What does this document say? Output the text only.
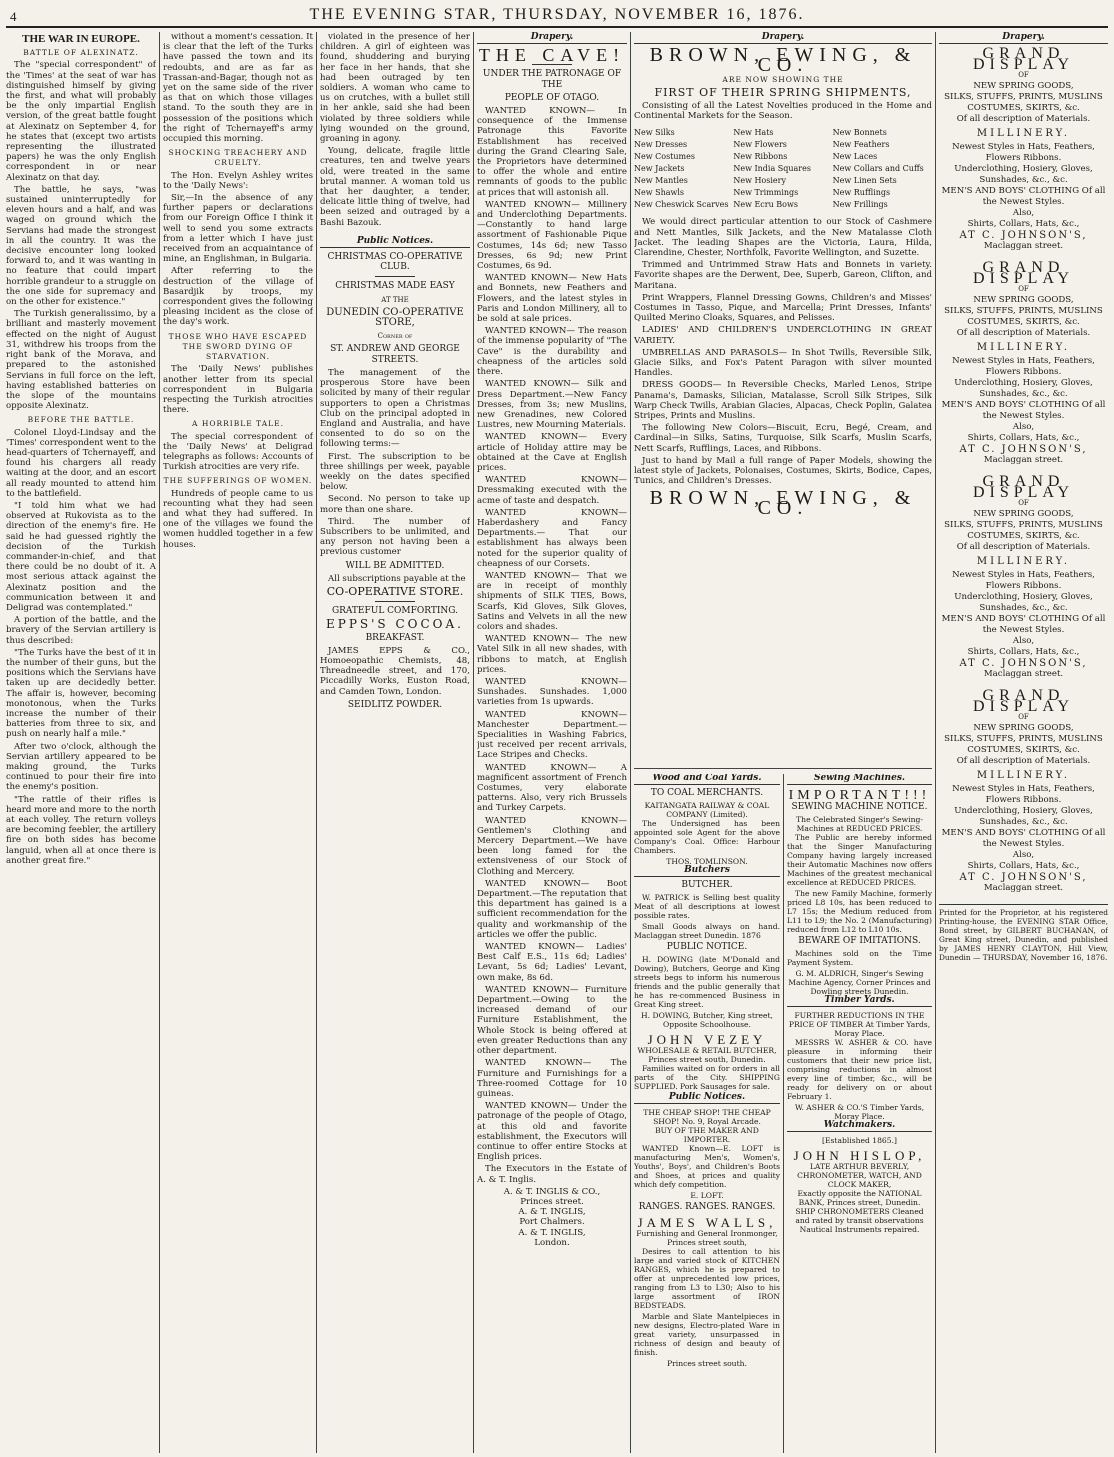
4	THE EVENING STAR, THURSDAY, NOVEMBER 16, 1876.
THE WAR IN EUROPE.
BATTLE OF ALEXINATZ.

The "special correspondent" of the 'Times' at the seat of war has distinguished himself by giving the first, and what will probably be the only impartial English version, of the great battle fought at Alexinatz on September 4, for he states that (except two artists representing the illustrated papers) he was the only English correspondent in or near Alexinatz on that day.

The battle, he says, "was sustained uninterruptedly for eleven hours and a half, and was waged on ground which the Servians had made the strongest in all the country. It was the decisive encounter long looked forward to, and it was wanting in no feature that could impart horrible grandeur to a struggle on the one side for supremacy and on the other for existence."

The Turkish generalissimo, by a brilliant and masterly movement effected on the night of August 31, withdrew his troops from the right bank of the Morava, and prepared to the astonished Servians in full force on the left, having established batteries on the slope of the mountains opposite Alexinatz.

BEFORE THE BATTLE.

Colonel Lloyd-Lindsay and the 'Times' correspondent went to the head-quarters of Tchernayeff, and found his chargers all ready waiting at the door, and an escort all ready mounted to attend him to the battlefield.

"I told him what we had observed at Rukovista as to the direction of the enemy's fire. He said he had guessed rightly the decision of the Turkish commander-in-chief, and that there could be no doubt of it. A most serious attack against the Alexinatz position and the communication between it and Deligrad was contemplated."

A portion of the battle, and the bravery of the Servian artillery is thus described:

"The Turks have the best of it in the number of their guns, but the positions which the Servians have taken up are decidedly better. The affair is, however, becoming monotonous, when the Turks increase the number of their batteries from three to six, and push on nearly half a mile."

After two o'clock, although the Servian artillery appeared to be making ground, the Turks continued to pour their fire into the enemy's position.

"The rattle of their rifles is heard more and more to the north at each volley. The return volleys are becoming feebler, the artillery fire on both sides has become languid, when all at once there is another great fire."

without a moment's cessation. It is clear that the left of the Turks have passed the town and its redoubts, and are as far as Trassan-and-Bagar, though not as yet on the same side of the river as that on which those villages stand. To the south they are in possession of the positions which the right of Tchernayeff's army occupied this morning.

SHOCKING TREACHERY AND CRUELTY.

The Hon. Evelyn Ashley writes to the 'Daily News':

Sir,—In the absence of any further papers or declarations from our Foreign Office I think it well to send you some extracts from a letter which I have just received from an acquaintance of mine, an Englishman, in Bulgaria.

After referring to the destruction of the village of Basardjik by troops, my correspondent gives the following pleasing incident as the close of the day's work.

THOSE WHO HAVE ESCAPED THE SWORD DYING OF STARVATION.

The 'Daily News' publishes another letter from its special correspondent in Bulgaria respecting the Turkish atrocities there.

A HORRIBLE TALE.

The special correspondent of the 'Daily News' at Deligrad telegraphs as follows: Accounts of Turkish atrocities are very rife.

THE SUFFERINGS OF WOMEN.

Hundreds of people came to us recounting what they had seen and what they had suffered. In one of the villages we found the women huddled together in a few houses.

violated in the presence of her children. A girl of eighteen was found, shuddering and burying her face in her hands, that she had been outraged by ten soldiers. A woman who came to us on crutches, with a bullet still in her ankle, said she had been violated by three soldiers while lying wounded on the ground, groaning in agony.

Young, delicate, fragile little creatures, ten and twelve years old, were treated in the same brutal manner. A woman told us that her daughter, a tender, delicate little thing of twelve, had been seized and outraged by a Bashi Bazouk.

Public Notices.
CHRISTMAS CO-OPERATIVE CLUB.
CHRISTMAS MADE EASY
AT THE
DUNEDIN CO-OPERATIVE STORE,
Corner of
ST. ANDREW AND GEORGE STREETS.

The management of the prosperous Store have been solicited by many of their regular supporters to open a Christmas Club on the principal adopted in England and Australia, and have consented to do so on the following terms:—

First. The subscription to be three shillings per week, payable weekly on the dates specified below.

Second. No person to take up more than one share.

Third. The number of Subscribers to be unlimited, and any person not having been a previous customer

WILL BE ADMITTED.

All subscriptions payable at the

CO-OPERATIVE STORE.
GRATEFUL COMFORTING.
EPPS'S COCOA.
BREAKFAST.

JAMES EPPS & CO., Homoeopathic Chemists, 48, Threadneedle street, and 170, Piccadilly Works, Euston Road, and Camden Town, London.

SEIDLITZ POWDER.
Drapery.
THE CAVE!
UNDER THE PATRONAGE OF THE
PEOPLE OF OTAGO.

WANTED KNOWN— In consequence of the Immense Patronage this Favorite Establishment has received during the Grand Clearing Sale, the Proprietors have determined to offer the whole and entire remnants of goods to the public at prices that will astonish all.

WANTED KNOWN— Millinery and Underclothing Departments. —Constantly to hand large assortment of Fashionable Pique Costumes, 14s 6d; new Tasso Dresses, 6s 9d; new Print Costumes, 6s 9d.

WANTED KNOWN— New Hats and Bonnets, new Feathers and Flowers, and the latest styles in Paris and London Millinery, all to be sold at sale prices.

WANTED KNOWN— The reason of the immense popularity of "The Cave" is the durability and cheapness of the articles sold there.

WANTED KNOWN— Silk and Dress Department.—New Fancy Dresses, from 3s; new Muslins, new Grenadines, new Colored Lustres, new Mourning Materials.

WANTED KNOWN— Every article of Holiday attire may be obtained at the Cave at English prices.

WANTED KNOWN— Dressmaking executed with the acme of taste and despatch.

WANTED KNOWN— Haberdashery and Fancy Departments.— That our establishment has always been noted for the superior quality of cheapness of our Corsets.

WANTED KNOWN— That we are in receipt of monthly shipments of SILK TIES, Bows, Scarfs, Kid Gloves, Silk Gloves, Satins and Velvets in all the new colors and shades.

WANTED KNOWN— The new Vatel Silk in all new shades, with ribbons to match, at English prices.

WANTED KNOWN— Sunshades. Sunshades. 1,000 varieties from 1s upwards.

WANTED KNOWN— Manchester Department.—Specialities in Washing Fabrics, just received per recent arrivals, Lace Stripes and Checks.

WANTED KNOWN— A magnificent assortment of French Costumes, very elaborate patterns. Also, very rich Brussels and Turkey Carpets.

WANTED KNOWN— Gentlemen's Clothing and Mercery Department.—We have been long famed for the extensiveness of our Stock of Clothing and Mercery.

WANTED KNOWN— Boot Department.—The reputation that this department has gained is a sufficient recommendation for the quality and workmanship of the articles we offer the public.

WANTED KNOWN— Ladies' Best Calf E.S., 11s 6d; Ladies' Levant, 5s 6d; Ladies' Levant, own make, 8s 6d.

WANTED KNOWN— Furniture Department.—Owing to the increased demand of our Furniture Establishment, the Whole Stock is being offered at even greater Reductions than any other department.

WANTED KNOWN— The Furniture and Furnishings for a Three-roomed Cottage for 10 guineas.

WANTED KNOWN— Under the patronage of the people of Otago, at this old and favorite establishment, the Executors will continue to offer entire Stocks at English prices.

The Executors in the Estate of A. & T. Inglis.

A. & T. INGLIS & CO.,
Princes street.
A. & T. INGLIS,
Port Chalmers.
A. & T. INGLIS,
London.
Drapery.
BROWN, EWING, & CO.
ARE NOW SHOWING THE
FIRST OF THEIR SPRING SHIPMENTS,

Consisting of all the Latest Novelties produced in the Home and Continental Markets for the Season.

New Silks
New Dresses
New Costumes
New Jackets
New Mantles
New Shawls
New Cheswick Scarves
New Hats
New Flowers
New Ribbons
New India Squares
New Hosiery
New Trimmings
New Ecru Bows
New Bonnets
New Feathers
New Laces
New Collars and Cuffs
New Linen Sets
New Rufflings
New Frillings

We would direct particular attention to our Stock of Cashmere and Nett Mantles, Silk Jackets, and the New Matalasse Cloth Jacket. The leading Shapes are the Victoria, Laura, Hilda, Clarendine, Chester, Northfolk, Favorite Wellington, and Suzette.

Trimmed and Untrimmed Straw Hats and Bonnets in variety. Favorite shapes are the Derwent, Dee, Superb, Gareon, Clifton, and Maritana.

Print Wrappers, Flannel Dressing Gowns, Children's and Misses' Costumes in Tasso, Pique, and Marcella; Print Dresses, Infants' Quilted Merino Cloaks, Squares, and Pelisses.

LADIES' AND CHILDREN'S UNDERCLOTHING IN GREAT VARIETY.

UMBRELLAS AND PARASOLS— In Shot Twills, Reversible Silk, Glacie Silks, and Fox's Patent Paragon with silver mounted Handles.

DRESS GOODS— In Reversible Checks, Marled Lenos, Stripe Panama's, Damasks, Silician, Matalasse, Scroll Silk Stripes, Silk Warp Check Twills, Arabian Glacies, Alpacas, Check Poplin, Galatea Stripes, Prints and Muslins.

The following New Colors—Biscuit, Ecru, Begé, Cream, and Cardinal—in Silks, Satins, Turquoise, Silk Scarfs, Muslin Scarfs, Nett Scarfs, Rufflings, Laces, and Ribbons.

Just to hand by Mail a full range of Paper Models, showing the latest style of Jackets, Polonaises, Costumes, Skirts, Bodice, Capes, Tunics, and Children's Dresses.

BROWN, EWING, & CO.
Wood and Coal Yards.
TO COAL MERCHANTS.
KAITANGATA RAILWAY & COAL COMPANY (Limited).

The Undersigned has been appointed sole Agent for the above Company's Coal. Office: Harbour Chambers.

THOS. TOMLINSON.
Butchers
BUTCHER.

W. PATRICK is Selling best quality Meat of all descriptions at lowest possible rates.

Small Goods always on hand. Maclaggan street Dunedin. 1876

PUBLIC NOTICE.

H. DOWING (late M'Donald and Dowing), Butchers, George and King streets begs to inform his numerous friends and the public generally that he has re-commenced Business in Great King street.

H. DOWING, Butcher, King street, Opposite Schoolhouse.
JOHN VEZEY
WHOLESALE & RETAIL BUTCHER, Princes street south, Dunedin.

Families waited on for orders in all parts of the City. SHIPPING SUPPLIED. Pork Sausages for sale.

Public Notices.
THE CHEAP SHOP! THE CHEAP SHOP! No. 9, Royal Arcade.
BUY OF THE MAKER AND IMPORTER.

WANTED Known—E. LOFT is manufacturing Men's, Women's, Youths', Boys', and Children's Boots and Shoes, at prices and quality which defy competition.

E. LOFT.
RANGES. RANGES. RANGES.
JAMES WALLS,
Furnishing and General Ironmonger, Princes street south,

Desires to call attention to his large and varied stock of KITCHEN RANGES, which he is prepared to offer at unprecedented low prices, ranging from L3 to L30; Also to his large assortment of IRON BEDSTEADS.

Marble and Slate Mantelpieces in new designs, Electro-plated Ware in great variety, unsurpassed in richness of design and beauty of finish.

Princes street south.
Sewing Machines.
IMPORTANT!!!
SEWING MACHINE NOTICE.
The Celebrated Singer's Sewing-Machines at REDUCED PRICES.

The Public are hereby informed that the Singer Manufacturing Company having largely increased their Automatic Machines now offers Machines of the greatest mechanical excellence at REDUCED PRICES.

The new Family Machine, formerly priced L8 10s, has been reduced to L7 15s; the Medium reduced from L11 to L9; the No. 2 (Manufacturing) reduced from L12 to L10 10s.

BEWARE OF IMITATIONS.

Machines sold on the Time Payment System.

G. M. ALDRICH, Singer's Sewing Machine Agency, Corner Princes and Dowling streets Dunedin.
Timber Yards.
FURTHER REDUCTIONS IN THE PRICE OF TIMBER At Timber Yards, Moray Place.

MESSRS W. ASHER & CO. have pleasure in informing their customers that their new price list, comprising reductions in almost every line of timber, &c., will be ready for delivery on or about February 1.

W. ASHER & CO.'S Timber Yards, Moray Place.
Watchmakers.
[Established 1865.]
JOHN HISLOP,
LATE ARTHUR BEVERLY, CHRONOMETER, WATCH, AND CLOCK MAKER,
Exactly opposite the NATIONAL BANK, Princes street, Dunedin.
SHIP CHRONOMETERS Cleaned and rated by transit observations Nautical Instruments repaired.
Drapery.
GRAND DISPLAY
OF
NEW SPRING GOODS,
SILKS, STUFFS, PRINTS, MUSLINS COSTUMES, SKIRTS, &c.
Of all description of Materials.
MILLINERY.
Newest Styles in Hats, Feathers, Flowers Ribbons.
Underclothing, Hosiery, Gloves, Sunshades, &c., &c.
MEN'S AND BOYS' CLOTHING Of all the Newest Styles.
Also,
Shirts, Collars, Hats, &c.,
AT C. JOHNSON'S,
Maclaggan street.
GRAND DISPLAY
OF
NEW SPRING GOODS,
SILKS, STUFFS, PRINTS, MUSLINS COSTUMES, SKIRTS, &c.
Of all description of Materials.
MILLINERY.
Newest Styles in Hats, Feathers, Flowers Ribbons.
Underclothing, Hosiery, Gloves, Sunshades, &c., &c.
MEN'S AND BOYS' CLOTHING Of all the Newest Styles.
Also,
Shirts, Collars, Hats, &c.,
AT C. JOHNSON'S,
Maclaggan street.
GRAND DISPLAY
OF
NEW SPRING GOODS,
SILKS, STUFFS, PRINTS, MUSLINS COSTUMES, SKIRTS, &c.
Of all description of Materials.
MILLINERY.
Newest Styles in Hats, Feathers, Flowers Ribbons.
Underclothing, Hosiery, Gloves, Sunshades, &c., &c.
MEN'S AND BOYS' CLOTHING Of all the Newest Styles.
Also,
Shirts, Collars, Hats, &c.,
AT C. JOHNSON'S,
Maclaggan street.
GRAND DISPLAY
OF
NEW SPRING GOODS,
SILKS, STUFFS, PRINTS, MUSLINS COSTUMES, SKIRTS, &c.
Of all description of Materials.
MILLINERY.
Newest Styles in Hats, Feathers, Flowers Ribbons.
Underclothing, Hosiery, Gloves, Sunshades, &c., &c.
MEN'S AND BOYS' CLOTHING Of all the Newest Styles.
Also,
Shirts, Collars, Hats, &c.,
AT C. JOHNSON'S,
Maclaggan street.
Printed for the Proprietor, at his registered Printing-house, the EVENING STAR Office, Bond street, by GILBERT BUCHANAN, of Great King street, Dunedin, and published by JAMES HENRY CLAYTON, Hill View, Dunedin — THURSDAY, November 16, 1876.
